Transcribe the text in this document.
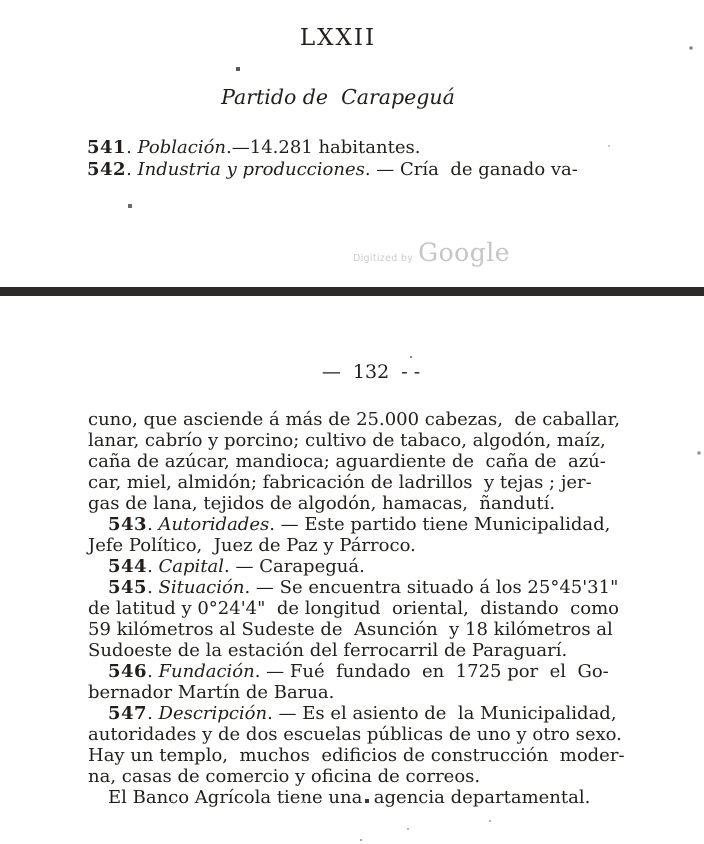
LXXII
Partido de  Carapeguá
541. Población.—14.281 habitantes.
542. Industria y producciones. — Cría  de ganado va-
Digitized by Google
—  132  - -
cuno, que asciende á más de 25.000 cabezas,  de caballar,
lanar, cabrío y porcino; cultivo de tabaco, algodón, maíz,
caña de azúcar, mandioca; aguardiente de  caña de  azú-
car, miel, almidón; fabricación de ladrillos  y tejas ; jer-
gas de lana, tejidos de algodón, hamacas,  ñandutí.
543. Autoridades. — Este partido tiene Municipalidad,
Jefe Político,  Juez de Paz y Párroco.
544. Capital. — Carapeguá.
545. Situación. — Se encuentra situado á los 25°45'31"
de latitud y 0°24'4"  de longitud  oriental,  distando  como
59 kilómetros al Sudeste de  Asunción  y 18 kilómetros al
Sudoeste de la estación del ferrocarril de Paraguarí.
546. Fundación. — Fué  fundado  en  1725 por  el  Go-
bernador Martín de Barua.
547. Descripción. — Es el asiento de  la Municipalidad,
autoridades y de dos escuelas públicas de uno y otro sexo.
Hay un templo,  muchos  edificios de construcción  moder-
na, casas de comercio y oficina de correos.
El Banco Agrícola tiene una  agencia departamental.
